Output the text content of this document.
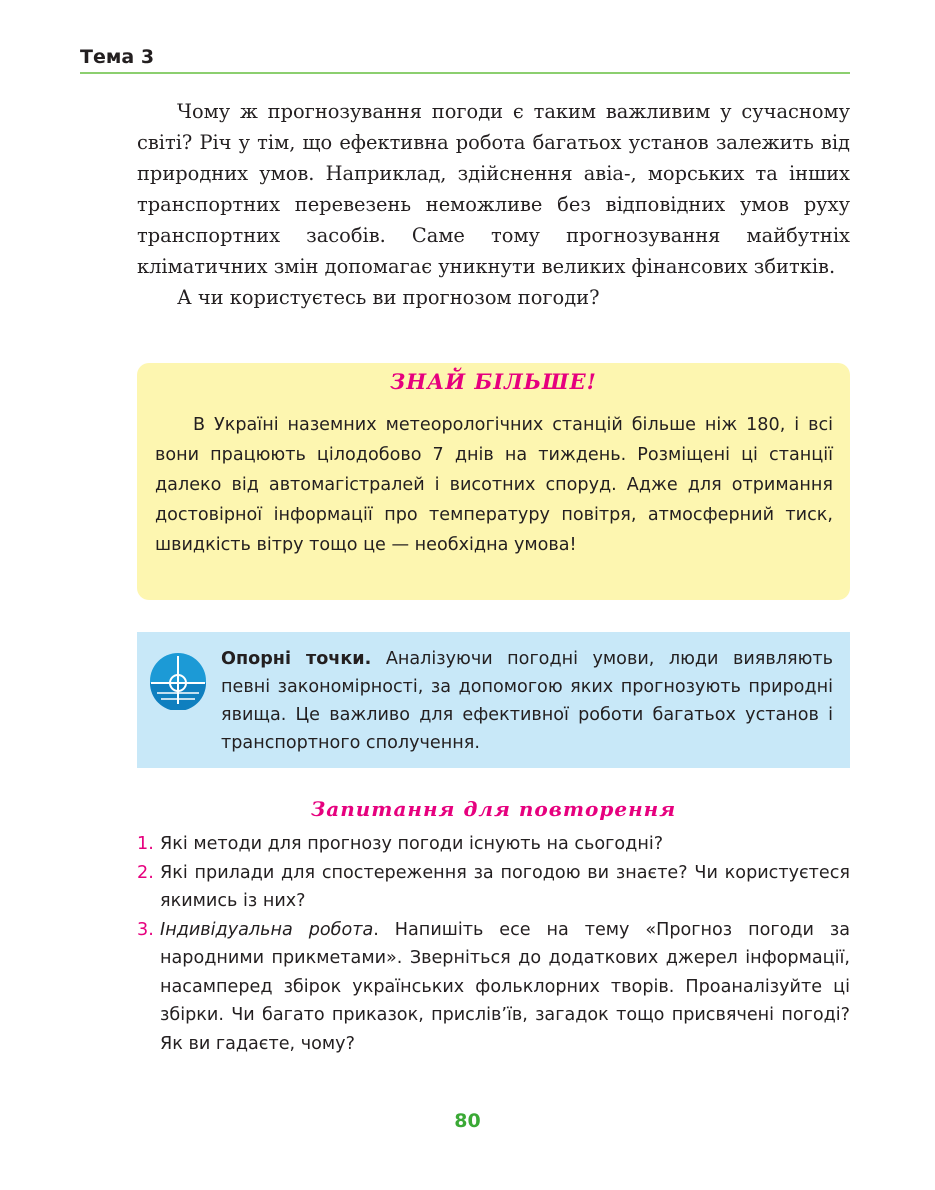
Тема 3

Чому ж прогнозування погоди є таким важливим у сучасному світі? Річ у тім, що ефективна робота багатьох установ залежить від природних умов. Наприклад, здійснення авіа-, морських та інших транспортних перевезень неможливе без відповідних умов руху транспортних засобів. Саме тому прогнозування майбутніх кліматичних змін допомагає уникнути великих фінансових збитків.

А чи користуєтесь ви прогнозом погоди?

ЗНАЙ БІЛЬШЕ!

В Україні наземних метеорологічних станцій більше ніж 180, і всі вони працюють цілодобово 7 днів на тиждень. Розміщені ці станції далеко від автомагістралей і висотних споруд. Адже для отримання достовірної інформації про температуру повітря, атмосферний тиск, швидкість вітру тощо це — необхідна умова!

Опорні точки. Аналізуючи погодні умови, люди виявляють певні закономірності, за допомогою яких прогнозують природні явища. Це важливо для ефективної роботи багатьох установ і транспортного сполучення.
Запитання для повторення
1. Які методи для прогнозу погоди існують на сьогодні?
2. Які прилади для спостереження за погодою ви знаєте? Чи користуєтеся якимись із них?
3. Індивідуальна робота. Напишіть есе на тему «Прогноз погоди за народними прикметами». Зверніться до додаткових джерел інформації, насамперед збірок українських фольклорних творів. Проаналізуйте ці збірки. Чи багато приказок, прислів’їв, загадок тощо присвячені погоді? Як ви гадаєте, чому?
80
